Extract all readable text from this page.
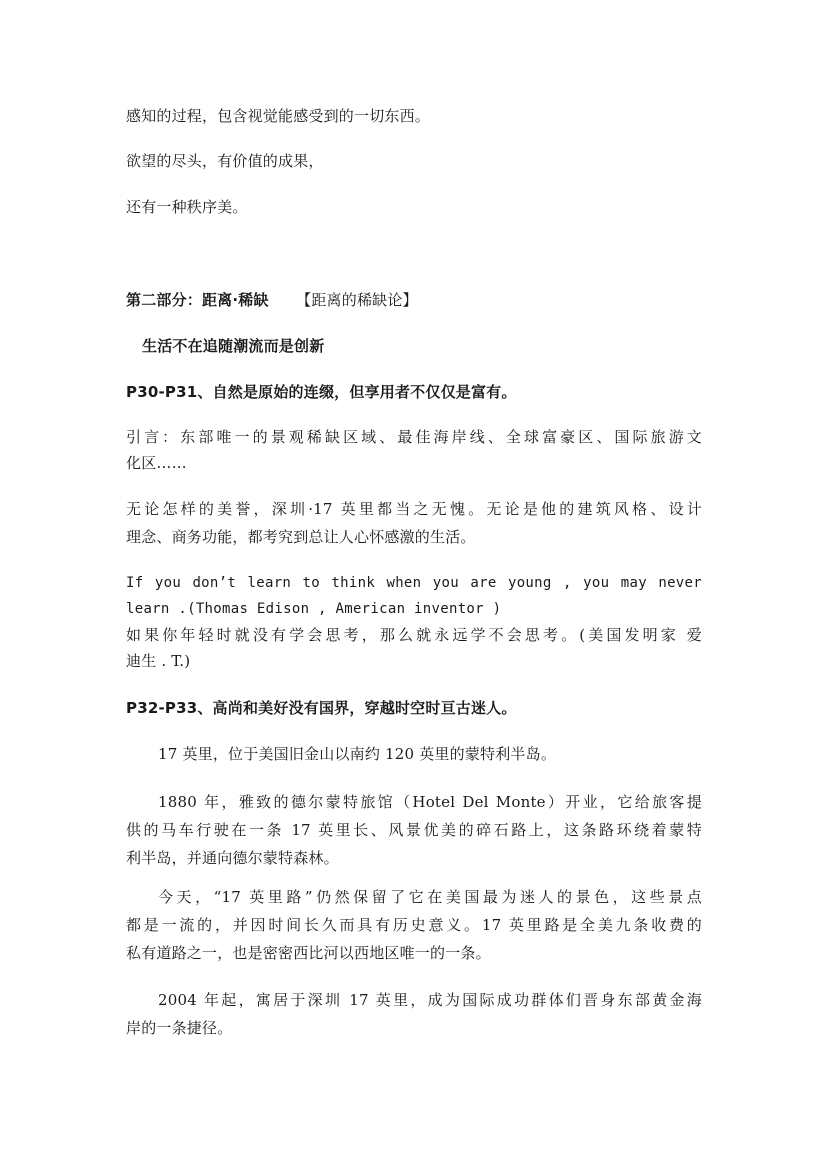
感知的过程，包含视觉能感受到的一切东西。
欲望的尽头，有价值的成果，
还有一种秩序美。
第二部分：距离·稀缺 【距离的稀缺论】
生活不在追随潮流而是创新
P30-P31、自然是原始的连缀，但享用者不仅仅是富有。
引言：东部唯一的景观稀缺区域、最佳海岸线、全球富豪区、国际旅游文
化区……
无论怎样的美誉，深圳·17 英里都当之无愧。无论是他的建筑风格、设计
理念、商务功能，都考究到总让人心怀感激的生活。
If you don’t learn to think when you are young , you may never
learn .(Thomas Edison , American inventor )
如果你年轻时就没有学会思考，那么就永远学不会思考。(美国发明家 爱
迪生 . T.)
P32-P33、高尚和美好没有国界，穿越时空时亘古迷人。
17 英里，位于美国旧金山以南约 120 英里的蒙特利半岛。
1880 年，雅致的德尔蒙特旅馆（Hotel Del Monte）开业，它给旅客提
供的马车行驶在一条 17 英里长、风景优美的碎石路上，这条路环绕着蒙特
利半岛，并通向德尔蒙特森林。
今天，“17 英里路”仍然保留了它在美国最为迷人的景色，这些景点
都是一流的，并因时间长久而具有历史意义。17 英里路是全美九条收费的
私有道路之一，也是密密西比河以西地区唯一的一条。
2004 年起，寓居于深圳 17 英里，成为国际成功群体们晋身东部黄金海
岸的一条捷径。
